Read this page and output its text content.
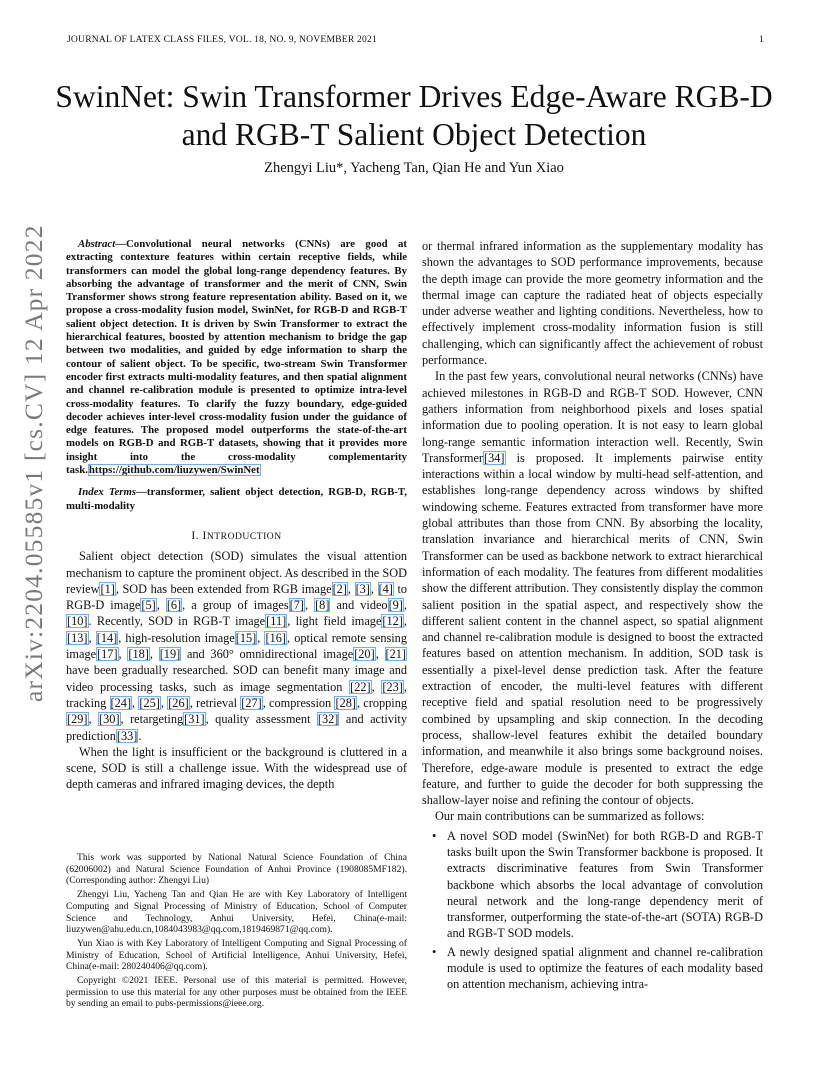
JOURNAL OF LATEX CLASS FILES, VOL. 18, NO. 9, NOVEMBER 2021	1
arXiv:2204.05585v1 [cs.CV] 12 Apr 2022
SwinNet: Swin Transformer Drives Edge-Aware RGB-D and RGB-T Salient Object Detection
Zhengyi Liu*, Yacheng Tan, Qian He and Yun Xiao

Abstract—Convolutional neural networks (CNNs) are good at extracting contexture features within certain receptive fields, while transformers can model the global long-range dependency features. By absorbing the advantage of transformer and the merit of CNN, Swin Transformer shows strong feature representation ability. Based on it, we propose a cross-modality fusion model, SwinNet, for RGB-D and RGB-T salient object detection. It is driven by Swin Transformer to extract the hierarchical features, boosted by attention mechanism to bridge the gap between two modalities, and guided by edge information to sharp the contour of salient object. To be specific, two-stream Swin Transformer encoder first extracts multi-modality features, and then spatial alignment and channel re-calibration module is presented to optimize intra-level cross-modality features. To clarify the fuzzy boundary, edge-guided decoder achieves inter-level cross-modality fusion under the guidance of edge features. The proposed model outperforms the state-of-the-art models on RGB-D and RGB-T datasets, showing that it provides more insight into the cross-modality complementarity task.https://github.com/liuzywen/SwinNet

Index Terms—transformer, salient object detection, RGB-D, RGB-T, multi-modality

I. INTRODUCTION

Salient object detection (SOD) simulates the visual attention mechanism to capture the prominent object. As described in the SOD review[1], SOD has been extended from RGB image[2], [3], [4] to RGB-D image[5], [6], a group of images[7], [8] and video[9], [10]. Recently, SOD in RGB-T image[11], light field image[12], [13], [14], high-resolution image[15], [16], optical remote sensing image[17], [18], [19] and 360° omnidirectional image[20], [21] have been gradually researched. SOD can benefit many image and video processing tasks, such as image segmentation [22], [23], tracking [24], [25], [26], retrieval [27], compression [28], cropping [29], [30], retargeting[31], quality assessment [32] and activity prediction[33].

When the light is insufficient or the background is cluttered in a scene, SOD is still a challenge issue. With the widespread use of depth cameras and infrared imaging devices, the depth

This work was supported by National Natural Science Foundation of China (62006002) and Natural Science Foundation of Anhui Province (1908085MF182).(Corresponding author: Zhengyi Liu)

Zhengyi Liu, Yacheng Tan and Qian He are with Key Laboratory of Intelligent Computing and Signal Processing of Ministry of Education, School of Computer Science and Technology, Anhui University, Hefei, China(e-mail: liuzywen@ahu.edu.cn,1084043983@qq.com,1819469871@qq.com).

Yun Xiao is with Key Laboratory of Intelligent Computing and Signal Processing of Ministry of Education, School of Artificial Intelligence, Anhui University, Hefei, China(e-mail: 280240406@qq.com).

Copyright ©2021 IEEE. Personal use of this material is permitted. However, permission to use this material for any other purposes must be obtained from the IEEE by sending an email to pubs-permissions@ieee.org.

or thermal infrared information as the supplementary modality has shown the advantages to SOD performance improvements, because the depth image can provide the more geometry information and the thermal image can capture the radiated heat of objects especially under adverse weather and lighting conditions. Nevertheless, how to effectively implement cross-modality information fusion is still challenging, which can significantly affect the achievement of robust performance.

In the past few years, convolutional neural networks (CNNs) have achieved milestones in RGB-D and RGB-T SOD. However, CNN gathers information from neighborhood pixels and loses spatial information due to pooling operation. It is not easy to learn global long-range semantic information interaction well. Recently, Swin Transformer[34] is proposed. It implements pairwise entity interactions within a local window by multi-head self-attention, and establishes long-range dependency across windows by shifted windowing scheme. Features extracted from transformer have more global attributes than those from CNN. By absorbing the locality, translation invariance and hierarchical merits of CNN, Swin Transformer can be used as backbone network to extract hierarchical information of each modality. The features from different modalities show the different attribution. They consistently display the common salient position in the spatial aspect, and respectively show the different salient content in the channel aspect, so spatial alignment and channel re-calibration module is designed to boost the extracted features based on attention mechanism. In addition, SOD task is essentially a pixel-level dense prediction task. After the feature extraction of encoder, the multi-level features with different receptive field and spatial resolution need to be progressively combined by upsampling and skip connection. In the decoding process, shallow-level features exhibit the detailed boundary information, and meanwhile it also brings some background noises. Therefore, edge-aware module is presented to extract the edge feature, and further to guide the decoder for both suppressing the shallow-layer noise and refining the contour of objects.

Our main contributions can be summarized as follows:

• A novel SOD model (SwinNet) for both RGB-D and RGB-T tasks built upon the Swin Transformer backbone is proposed. It extracts discriminative features from Swin Transformer backbone which absorbs the local advantage of convolution neural network and the long-range dependency merit of transformer, outperforming the state-of-the-art (SOTA) RGB-D and RGB-T SOD models.
• A newly designed spatial alignment and channel re-calibration module is used to optimize the features of each modality based on attention mechanism, achieving intra-
